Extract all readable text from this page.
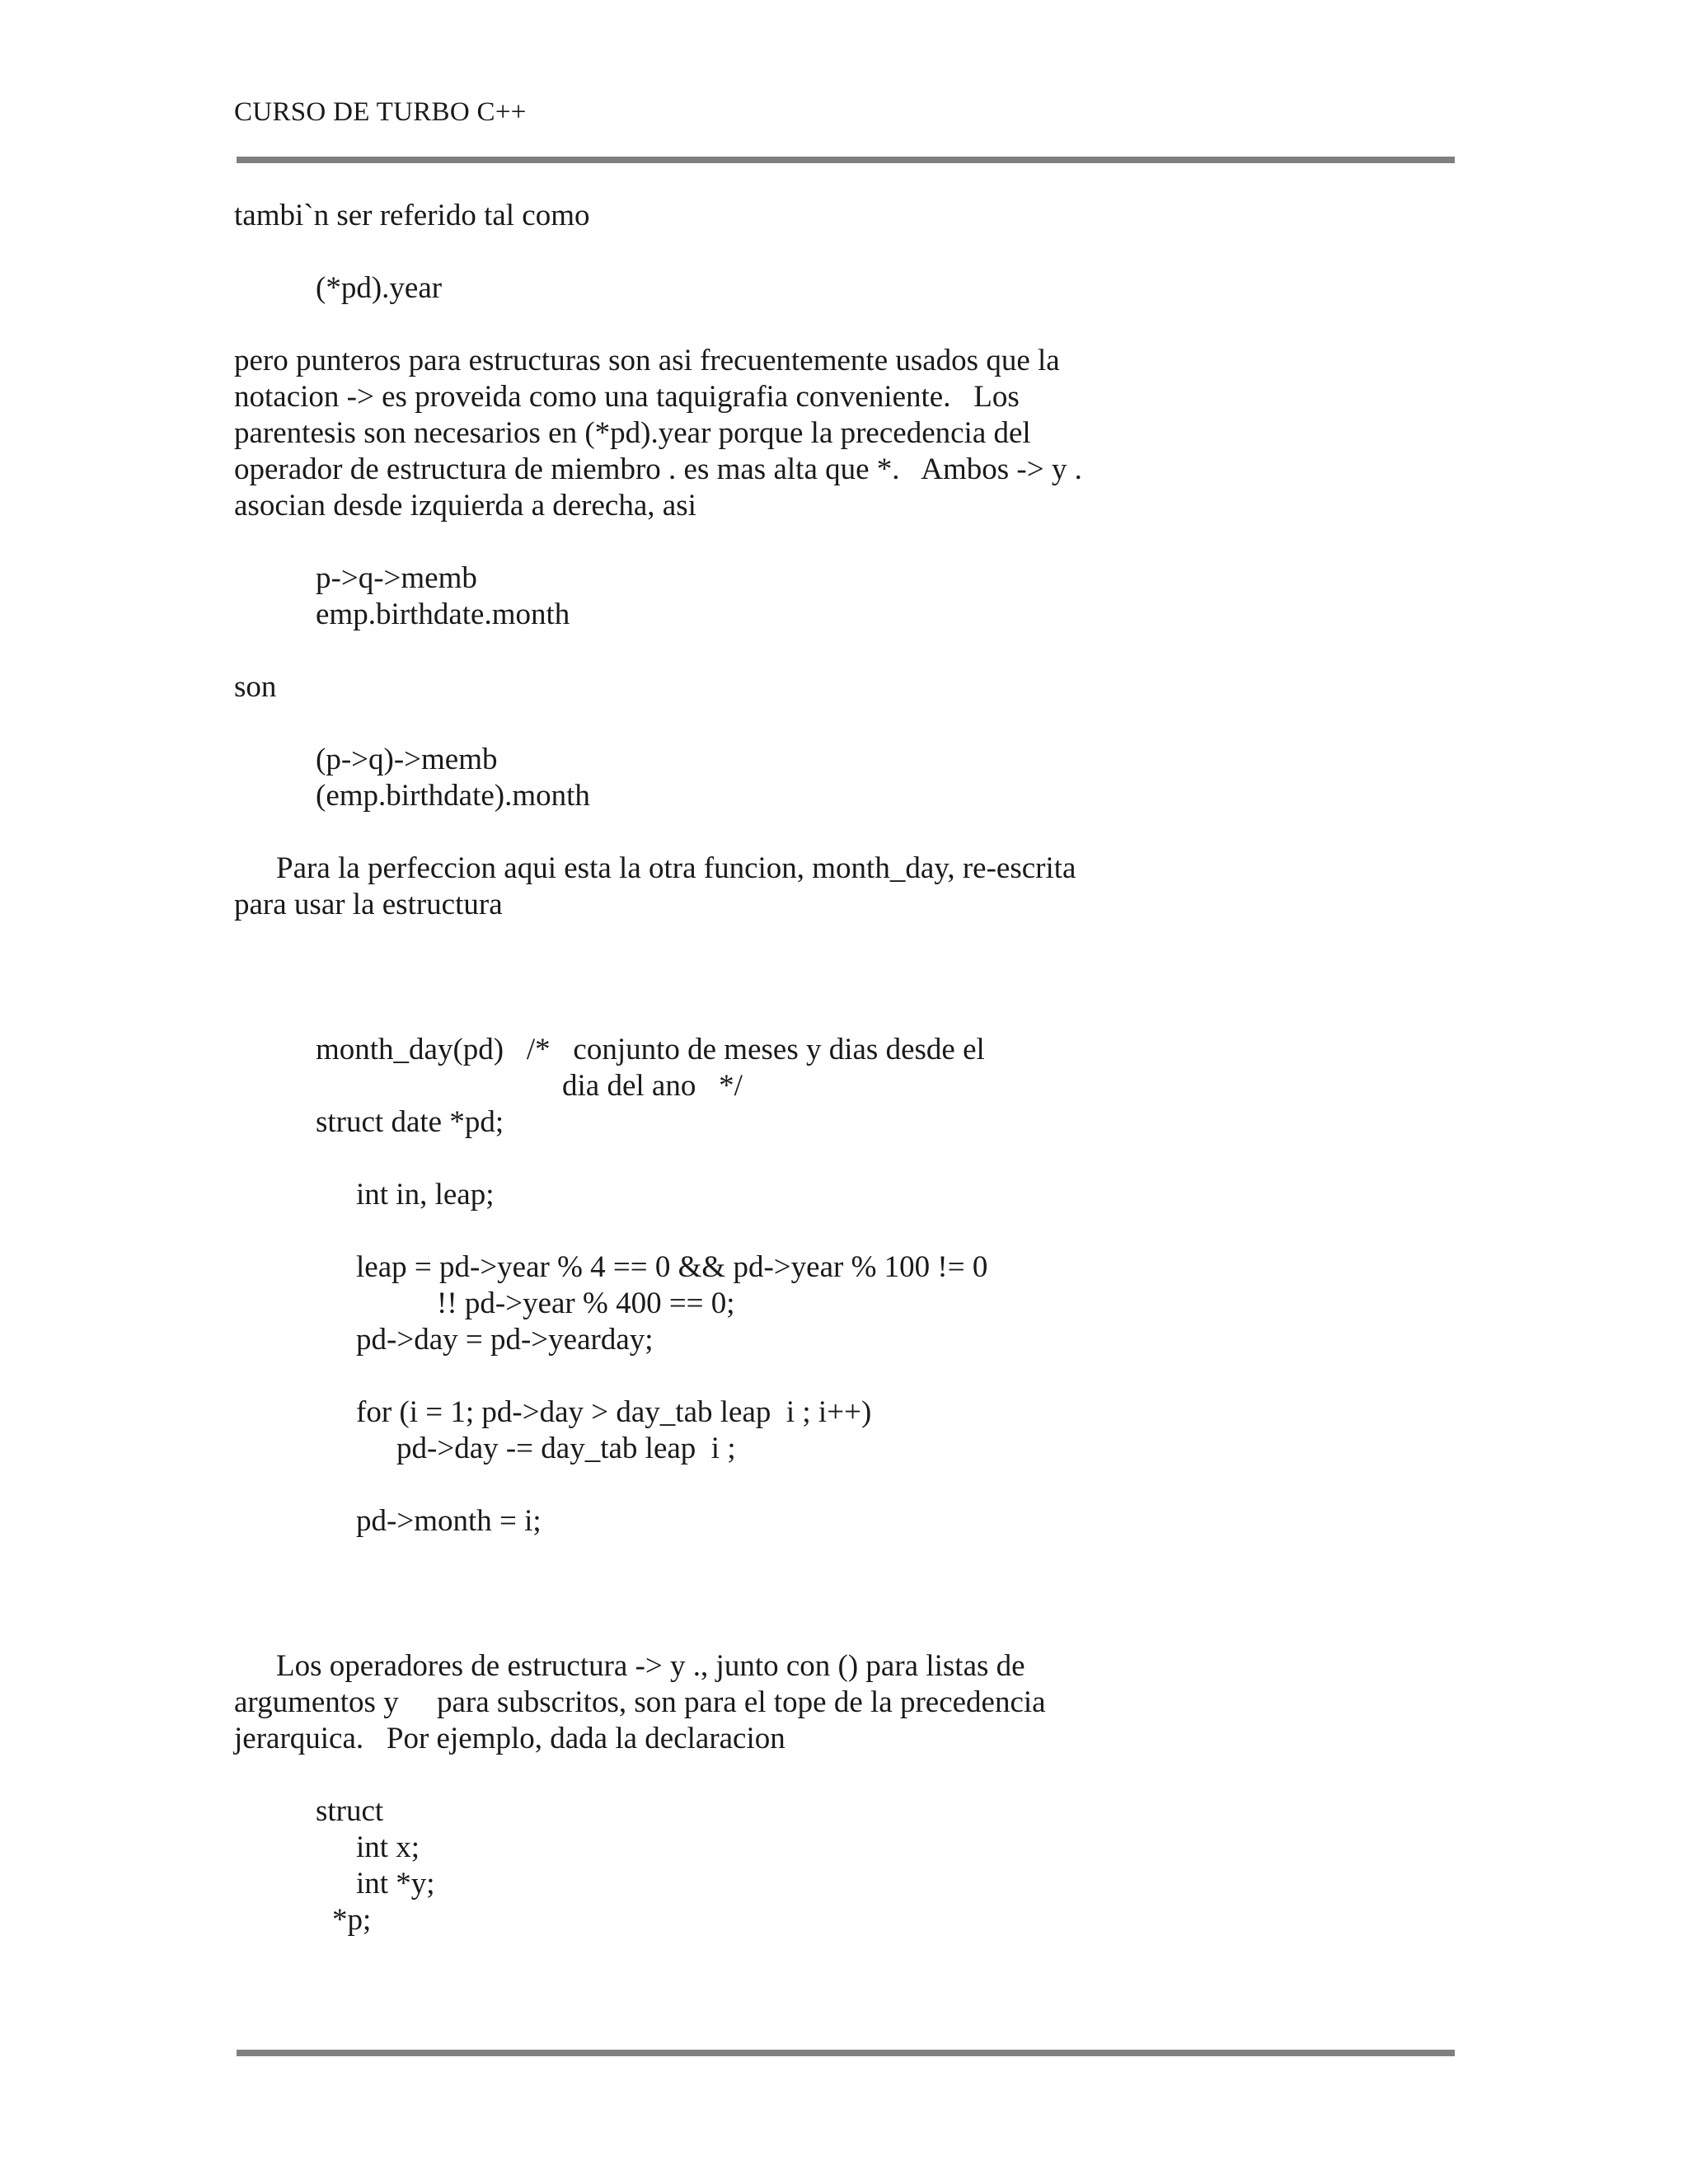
CURSO DE TURBO C++
tambi`n ser referido tal como
(*pd).year
pero punteros para estructuras son asi frecuentemente usados que la
notacion -> es proveida como una taquigrafia conveniente.   Los
parentesis son necesarios en (*pd).year porque la precedencia del
operador de estructura de miembro . es mas alta que *.   Ambos -> y .
asocian desde izquierda a derecha, asi
p->q->memb
emp.birthdate.month
son
(p->q)->memb
(emp.birthdate).month
Para la perfeccion aqui esta la otra funcion, month_day, re-escrita
para usar la estructura
month_day(pd)   /*   conjunto de meses y dias desde el
dia del ano   */
struct date *pd;
int in, leap;
leap = pd->year % 4 == 0 && pd->year % 100 != 0
!! pd->year % 400 == 0;
pd->day = pd->yearday;
for (i = 1; pd->day > day_tab leap  i ; i++)
pd->day -= day_tab leap  i ;
pd->month = i;
Los operadores de estructura -> y ., junto con () para listas de
argumentos y     para subscritos, son para el tope de la precedencia
jerarquica.   Por ejemplo, dada la declaracion
struct
int x;
int *y;
*p;
